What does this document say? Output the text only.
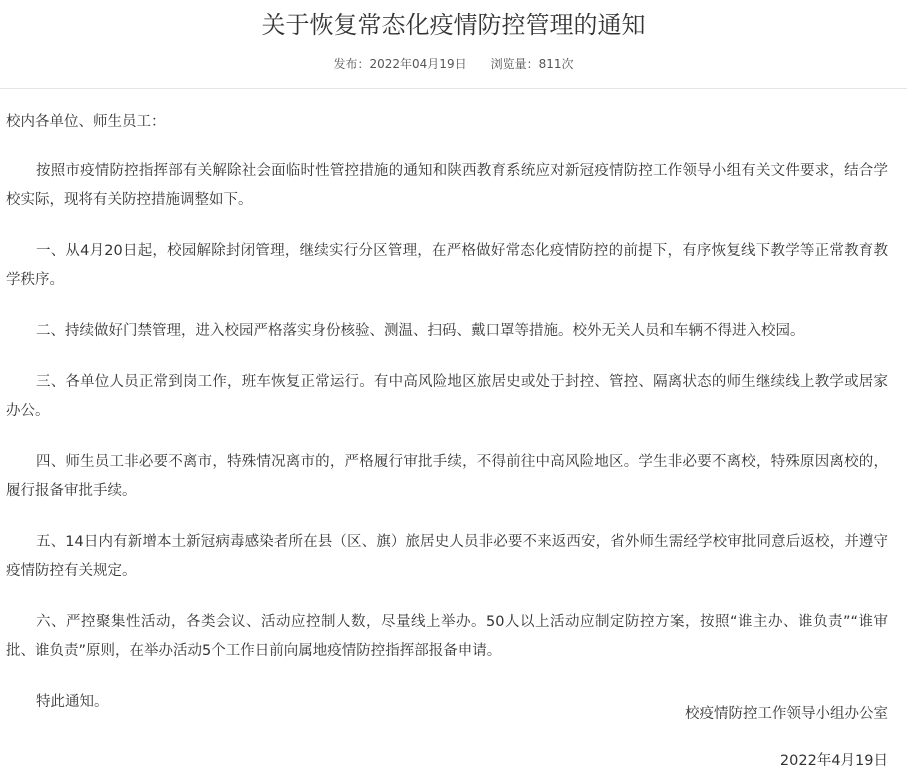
关于恢复常态化疫情防控管理的通知
发布：2022年04月19日 浏览量：811次

校内各单位、师生员工：

按照市疫情防控指挥部有关解除社会面临时性管控措施的通知和陕西教育系统应对新冠疫情防控工作领导小组有关文件要求，结合学校实际，现将有关防控措施调整如下。

一、从4月20日起，校园解除封闭管理，继续实行分区管理，在严格做好常态化疫情防控的前提下，有序恢复线下教学等正常教育教学秩序。

二、持续做好门禁管理，进入校园严格落实身份核验、测温、扫码、戴口罩等措施。校外无关人员和车辆不得进入校园。

三、各单位人员正常到岗工作，班车恢复正常运行。有中高风险地区旅居史或处于封控、管控、隔离状态的师生继续线上教学或居家办公。

四、师生员工非必要不离市，特殊情况离市的，严格履行审批手续，不得前往中高风险地区。学生非必要不离校，特殊原因离校的，履行报备审批手续。

五、14日内有新增本土新冠病毒感染者所在县（区、旗）旅居史人员非必要不来返西安，省外师生需经学校审批同意后返校，并遵守疫情防控有关规定。

六、严控聚集性活动，各类会议、活动应控制人数，尽量线上举办。50人以上活动应制定防控方案，按照“谁主办、谁负责”“谁审批、谁负责”原则，在举办活动5个工作日前向属地疫情防控指挥部报备申请。

特此通知。

校疫情防控工作领导小组办公室
2022年4月19日
